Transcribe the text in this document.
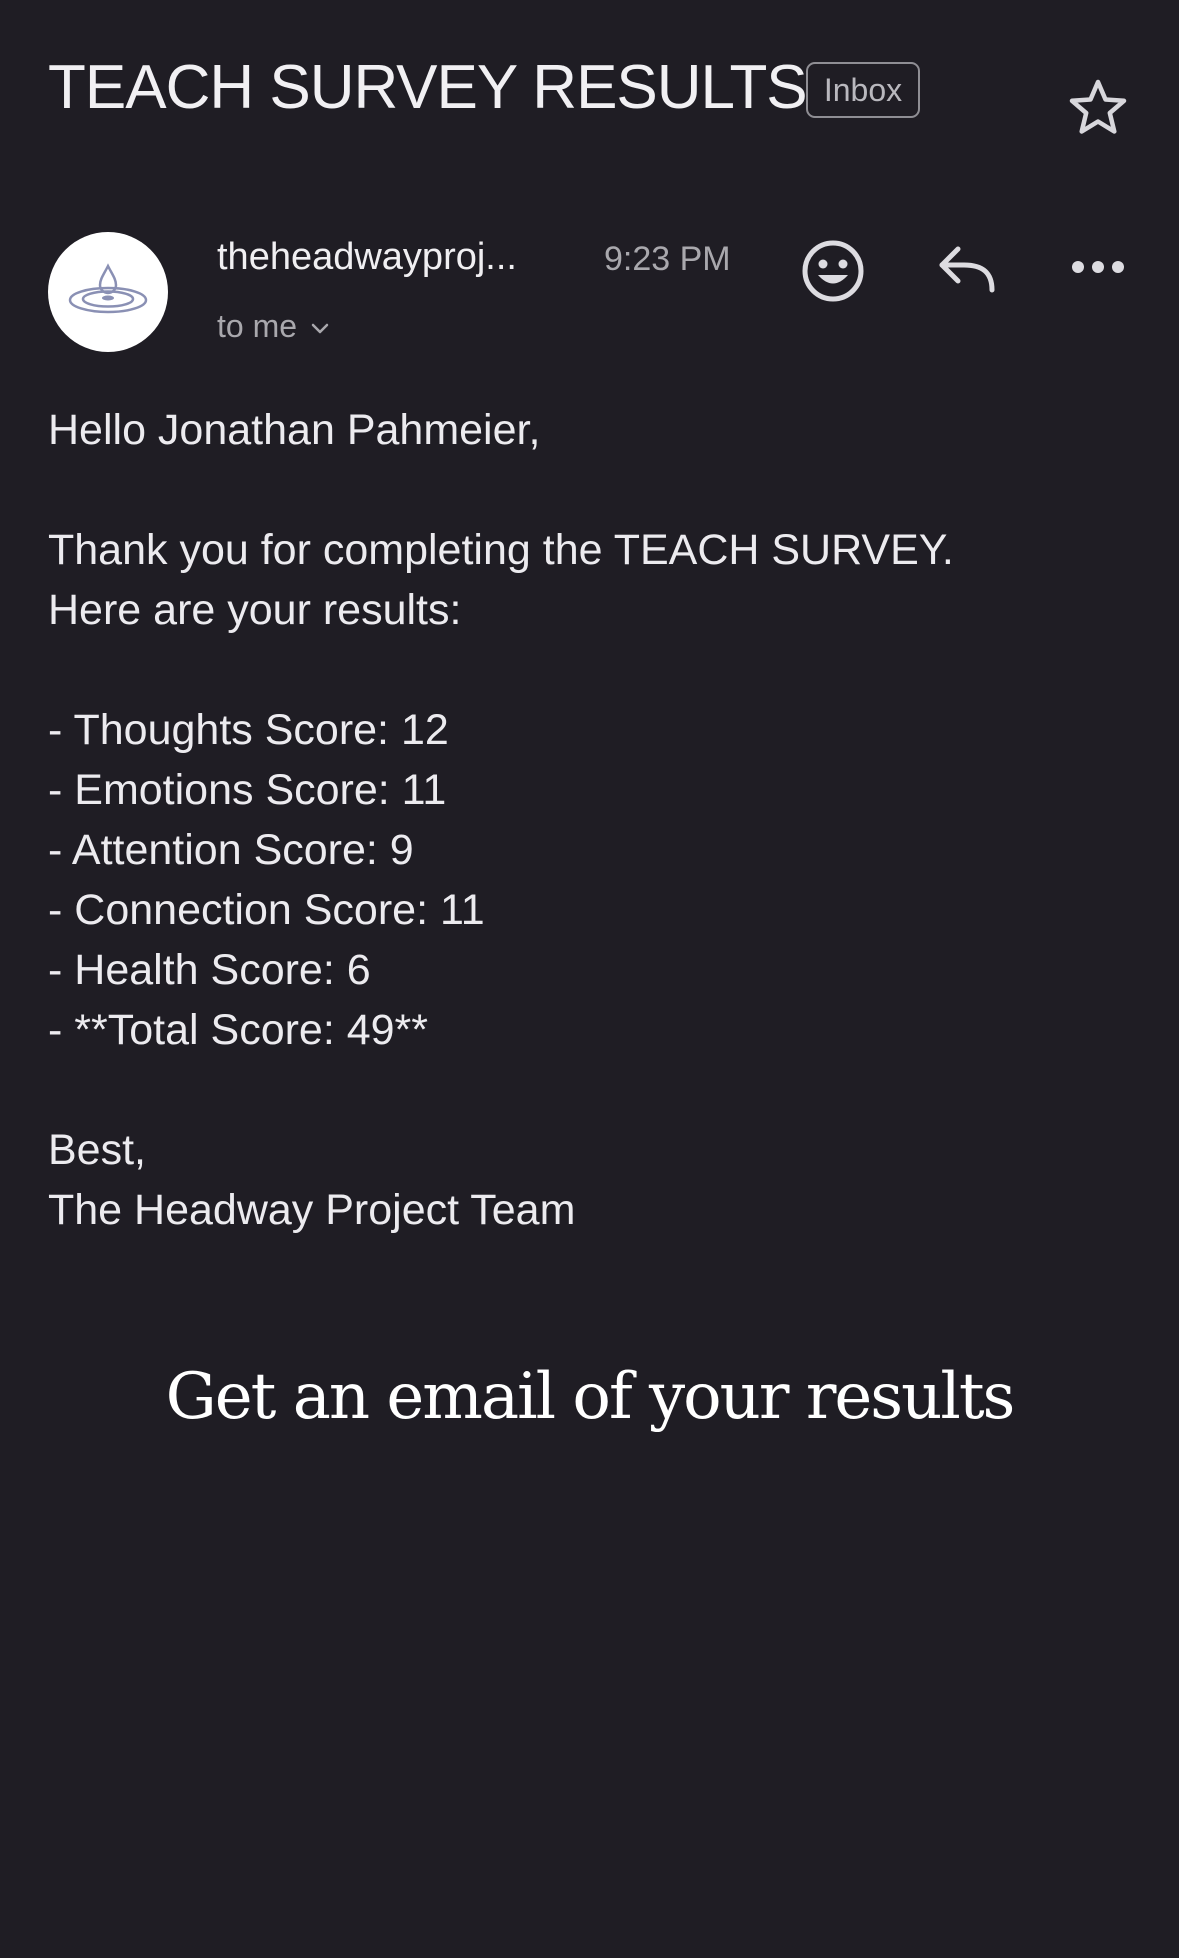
TEACH SURVEY RESULTS Inbox
theheadwayproj...	9:23 PM
to me
Hello Jonathan Pahmeier,
Thank you for completing the TEACH SURVEY.
Here are your results:
- Thoughts Score: 12
- Emotions Score: 11
- Attention Score: 9
- Connection Score: 11
- Health Score: 6
- **Total Score: 49**
Best,
The Headway Project Team
Get an email of your results
